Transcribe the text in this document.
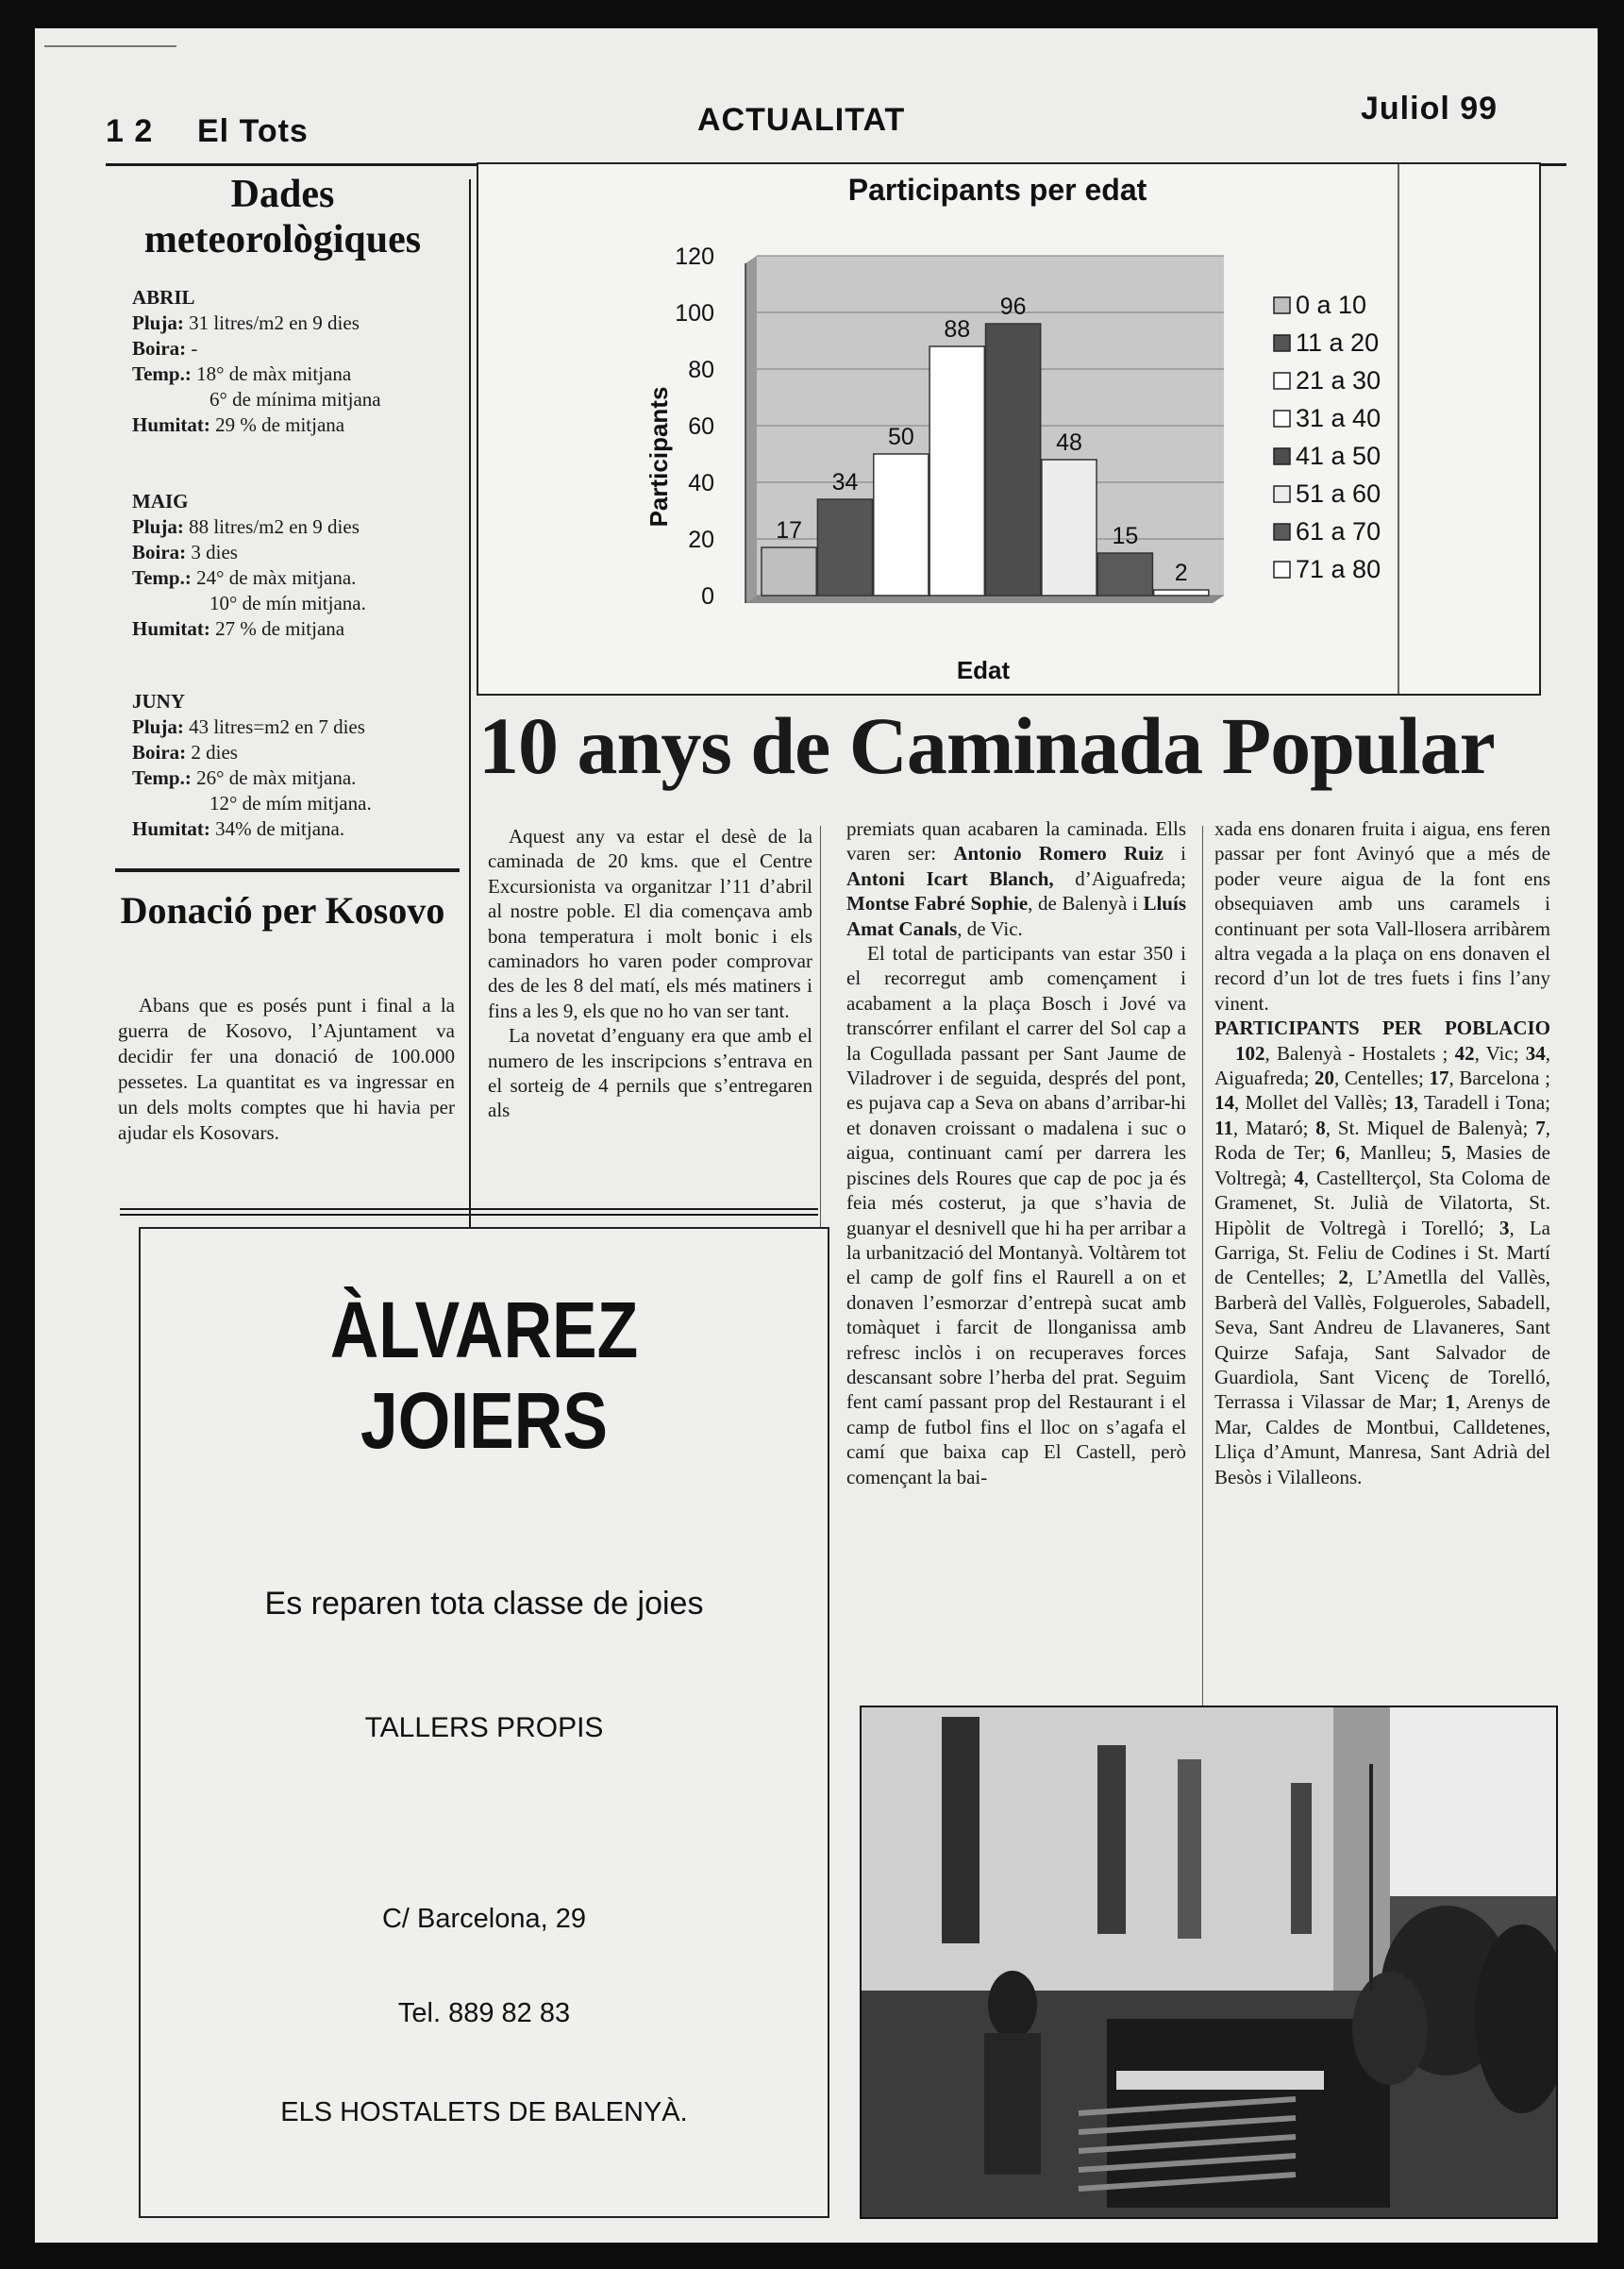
1 2 El Tots	ACTUALITAT	Juliol 99
Dades meteorològiques
ABRIL
Pluja: 31 litres/m2 en 9 dies
Boira: -
Temp.: 18° de màx mitjana
6° de mínima mitjana
Humitat: 29 % de mitjana
MAIG
Pluja: 88 litres/m2 en 9 dies
Boira: 3 dies
Temp.: 24° de màx mitjana.
10° de mín mitjana.
Humitat: 27 % de mitjana
JUNY
Pluja: 43 litres=m2 en 7 dies
Boira: 2 dies
Temp.: 26° de màx mitjana.
12° de mím mitjana.
Humitat: 34% de mitjana.
Donació per Kosovo

Abans que es posés punt i final a la guerra de Kosovo, l’Ajuntament va decidir fer una donació de 100.000 pessetes. La quantitat es va ingressar en un dels molts comptes que hi havia per ajudar els Kosovars.

0
20
40
60
80
100
120
17
34
50
88
96
48
15
2
0 a 10
11 a 20
21 a 30
31 a 40
41 a 50
51 a 60
61 a 70
71 a 80
Participants per edat
Edat
Participants
10 anys de Caminada Popular

Aquest any va estar el desè de la caminada de 20 kms. que el Centre Excursionista va organitzar l’11 d’abril al nostre poble. El dia començava amb bona temperatura i molt bonic i els caminadors ho varen poder comprovar des de les 8 del matí, els més matiners i fins a les 9, els que no ho van ser tant.

La novetat d’enguany era que amb el numero de les inscripcions s’entrava en el sorteig de 4 pernils que s’entregaren als

premiats quan acabaren la caminada. Ells varen ser: Antonio Romero Ruiz i Antoni Icart Blanch, d’Aiguafreda; Montse Fabré Sophie, de Balenyà i Lluís Amat Canals, de Vic.

El total de participants van estar 350 i el recorregut amb començament i acabament a la plaça Bosch i Jové va transcórrer enfilant el carrer del Sol cap a la Cogullada passant per Sant Jaume de Viladrover i de seguida, després del pont, es pujava cap a Seva on abans d’arribar-hi et donaven croissant o madalena i suc o aigua, continuant camí per darrera les piscines dels Roures que cap de poc ja és feia més costerut, ja que s’havia de guanyar el desnivell que hi ha per arribar a la urbanització del Montanyà. Voltàrem tot el camp de golf fins el Raurell a on et donaven l’esmorzar d’entrepà sucat amb tomàquet i farcit de llonganissa amb refresc inclòs i on recuperaves forces descansant sobre l’herba del prat. Seguim fent camí passant prop del Restaurant i el camp de futbol fins el lloc on s’agafa el camí que baixa cap El Castell, però començant la bai-

xada ens donaren fruita i aigua, ens feren passar per font Avinyó que a més de poder veure aigua de la font ens obsequiaven amb uns caramels i continuant per sota Vall-llosera arribàrem altra vegada a la plaça on ens donaven el record d’un lot de tres fuets i fins l’any vinent.

PARTICIPANTS PER POBLACIO

102, Balenyà - Hostalets ; 42, Vic; 34, Aiguafreda; 20, Centelles; 17, Barcelona ; 14, Mollet del Vallès; 13, Taradell i Tona; 11, Mataró; 8, St. Miquel de Balenyà; 7, Roda de Ter; 6, Manlleu; 5, Masies de Voltregà; 4, Castellterçol, Sta Coloma de Gramenet, St. Julià de Vilatorta, St. Hipòlit de Voltregà i Torelló; 3, La Garriga, St. Feliu de Codines i St. Martí de Centelles; 2, L’Ametlla del Vallès, Barberà del Vallès, Folgueroles, Sabadell, Seva, Sant Andreu de Llavaneres, Sant Quirze Safaja, Sant Salvador de Guardiola, Sant Vicenç de Torelló, Terrassa i Vilassar de Mar; 1, Arenys de Mar, Caldes de Montbui, Calldetenes, Lliça d’Amunt, Manresa, Sant Adrià del Besòs i Vilalleons.

ÀLVAREZ
JOIERS
Es reparen tota classe de joies
TALLERS PROPIS
C/ Barcelona, 29
Tel. 889 82 83
ELS HOSTALETS DE BALENYÀ.
